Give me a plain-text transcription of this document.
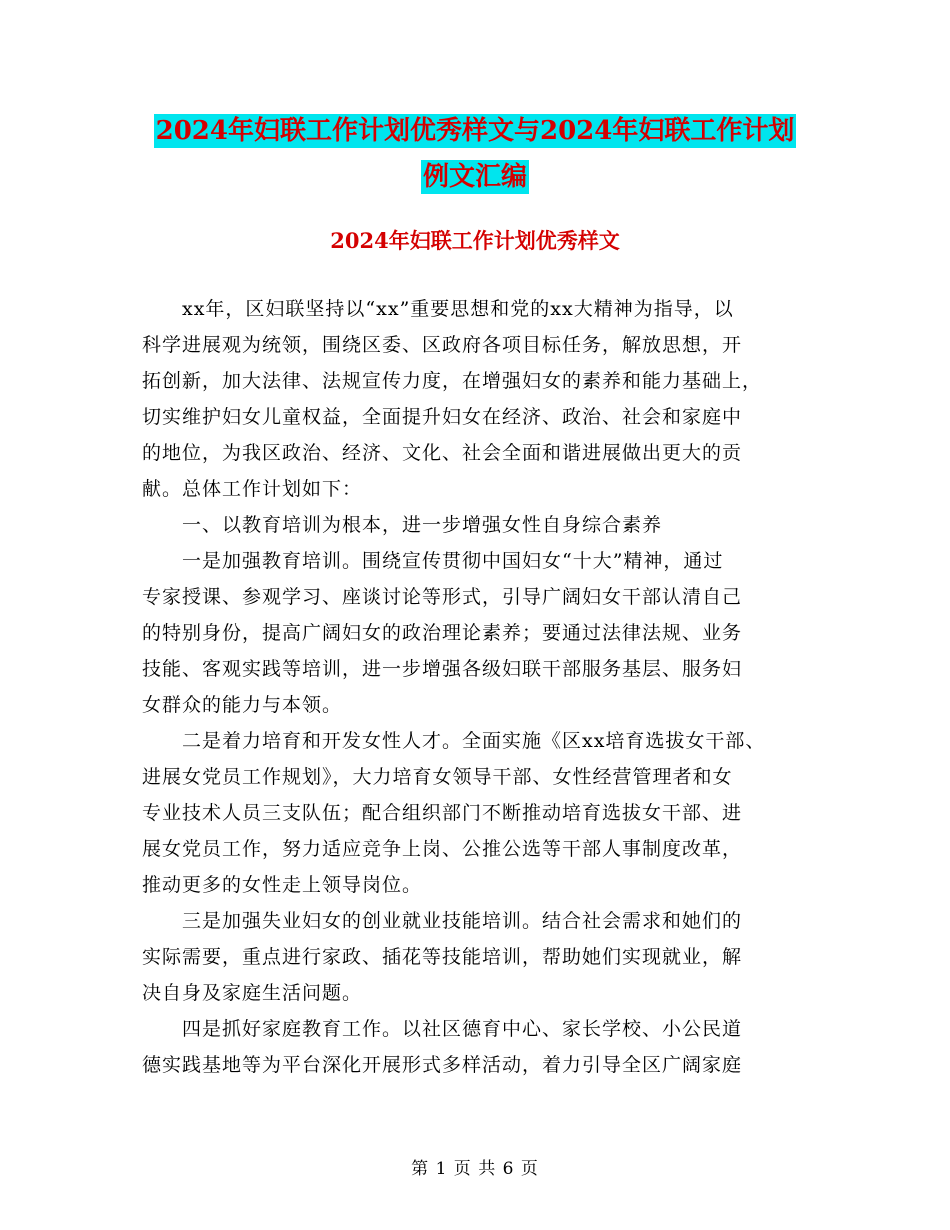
2024年妇联工作计划优秀样文与2024年妇联工作计划
例文汇编
2024年妇联工作计划优秀样文
xx年，区妇联坚持以“xx”重要思想和党的xx大精神为指导，以
科学进展观为统领，围绕区委、区政府各项目标任务，解放思想，开
拓创新，加大法律、法规宣传力度，在增强妇女的素养和能力基础上，
切实维护妇女儿童权益，全面提升妇女在经济、政治、社会和家庭中
的地位，为我区政治、经济、文化、社会全面和谐进展做出更大的贡
献。总体工作计划如下：
一、以教育培训为根本，进一步增强女性自身综合素养
一是加强教育培训。围绕宣传贯彻中国妇女“十大”精神，通过
专家授课、参观学习、座谈讨论等形式，引导广阔妇女干部认清自己
的特别身份，提高广阔妇女的政治理论素养；要通过法律法规、业务
技能、客观实践等培训，进一步增强各级妇联干部服务基层、服务妇
女群众的能力与本领。
二是着力培育和开发女性人才。全面实施《区xx培育选拔女干部、
进展女党员工作规划》，大力培育女领导干部、女性经营管理者和女
专业技术人员三支队伍；配合组织部门不断推动培育选拔女干部、进
展女党员工作，努力适应竞争上岗、公推公选等干部人事制度改革，
推动更多的女性走上领导岗位。
三是加强失业妇女的创业就业技能培训。结合社会需求和她们的
实际需要，重点进行家政、插花等技能培训，帮助她们实现就业，解
决自身及家庭生活问题。
四是抓好家庭教育工作。以社区德育中心、家长学校、小公民道
德实践基地等为平台深化开展形式多样活动，着力引导全区广阔家庭
第 1 页 共 6 页
